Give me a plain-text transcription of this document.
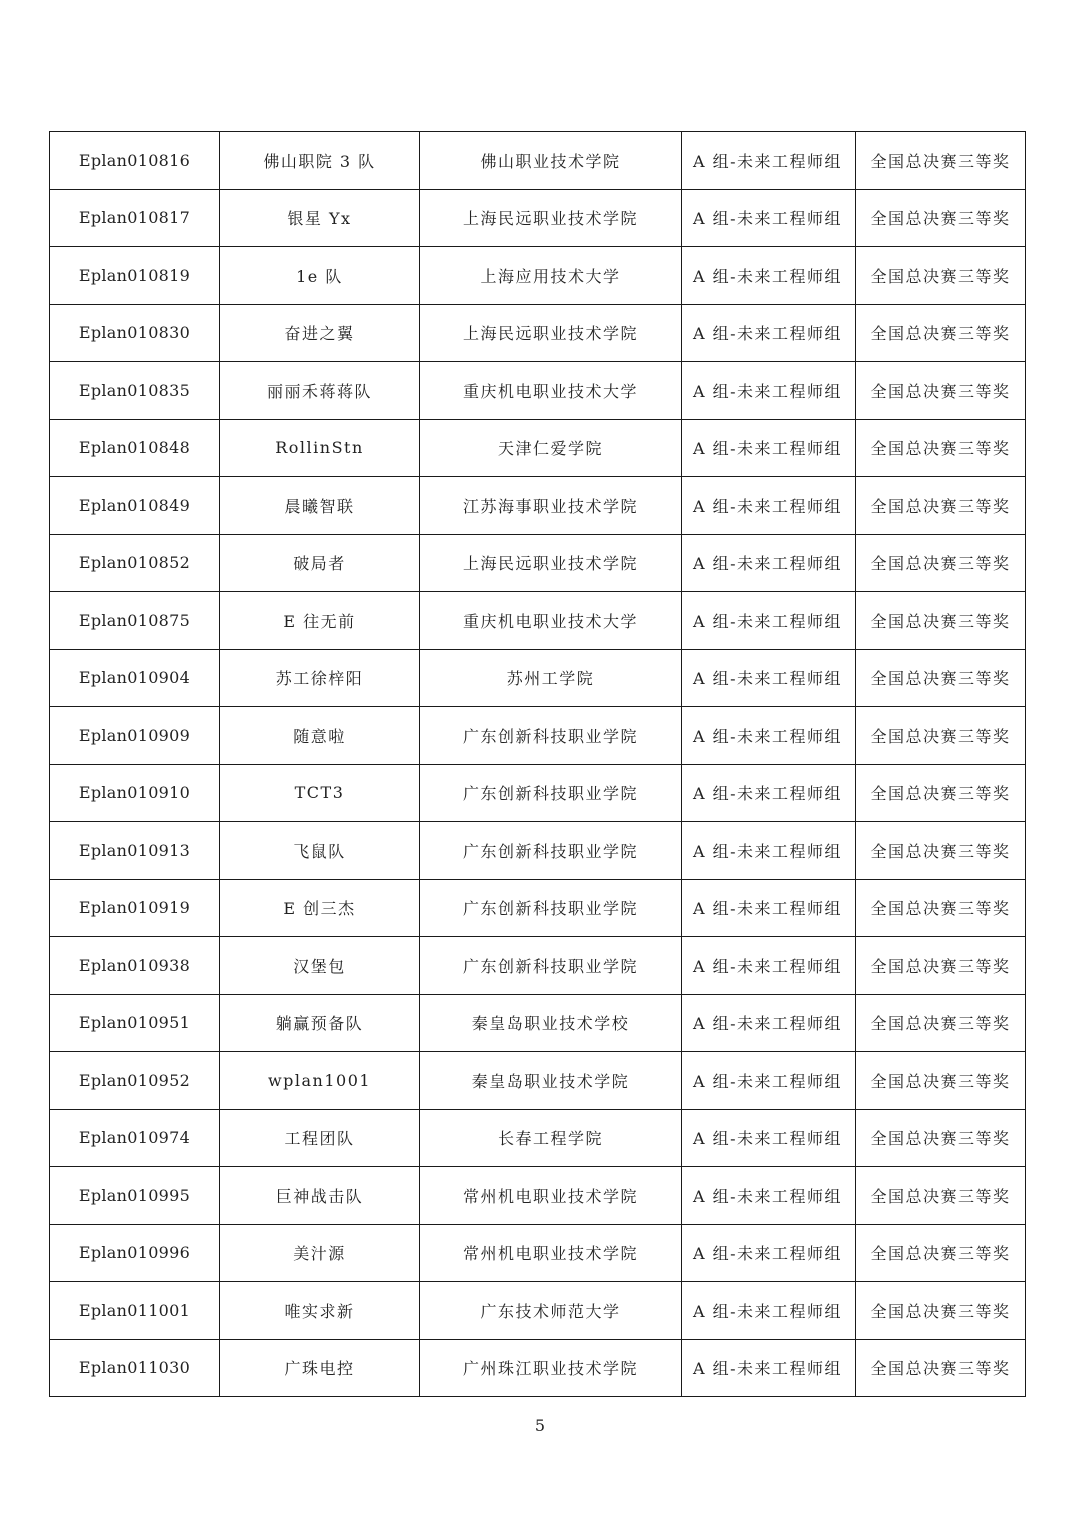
Eplan010816	佛山职院 3 队	佛山职业技术学院	A 组-未来工程师组	全国总决赛三等奖
Eplan010817	银星 Yx	上海民远职业技术学院	A 组-未来工程师组	全国总决赛三等奖
Eplan010819	1e 队	上海应用技术大学	A 组-未来工程师组	全国总决赛三等奖
Eplan010830	奋进之翼	上海民远职业技术学院	A 组-未来工程师组	全国总决赛三等奖
Eplan010835	丽丽禾蒋蒋队	重庆机电职业技术大学	A 组-未来工程师组	全国总决赛三等奖
Eplan010848	RollinStn	天津仁爱学院	A 组-未来工程师组	全国总决赛三等奖
Eplan010849	晨曦智联	江苏海事职业技术学院	A 组-未来工程师组	全国总决赛三等奖
Eplan010852	破局者	上海民远职业技术学院	A 组-未来工程师组	全国总决赛三等奖
Eplan010875	E 往无前	重庆机电职业技术大学	A 组-未来工程师组	全国总决赛三等奖
Eplan010904	苏工徐梓阳	苏州工学院	A 组-未来工程师组	全国总决赛三等奖
Eplan010909	随意啦	广东创新科技职业学院	A 组-未来工程师组	全国总决赛三等奖
Eplan010910	TCT3	广东创新科技职业学院	A 组-未来工程师组	全国总决赛三等奖
Eplan010913	飞鼠队	广东创新科技职业学院	A 组-未来工程师组	全国总决赛三等奖
Eplan010919	E 创三杰	广东创新科技职业学院	A 组-未来工程师组	全国总决赛三等奖
Eplan010938	汉堡包	广东创新科技职业学院	A 组-未来工程师组	全国总决赛三等奖
Eplan010951	躺赢预备队	秦皇岛职业技术学校	A 组-未来工程师组	全国总决赛三等奖
Eplan010952	wplan1001	秦皇岛职业技术学院	A 组-未来工程师组	全国总决赛三等奖
Eplan010974	工程团队	长春工程学院	A 组-未来工程师组	全国总决赛三等奖
Eplan010995	巨神战击队	常州机电职业技术学院	A 组-未来工程师组	全国总决赛三等奖
Eplan010996	美汁源	常州机电职业技术学院	A 组-未来工程师组	全国总决赛三等奖
Eplan011001	唯实求新	广东技术师范大学	A 组-未来工程师组	全国总决赛三等奖
Eplan011030	广珠电控	广州珠江职业技术学院	A 组-未来工程师组	全国总决赛三等奖
5
